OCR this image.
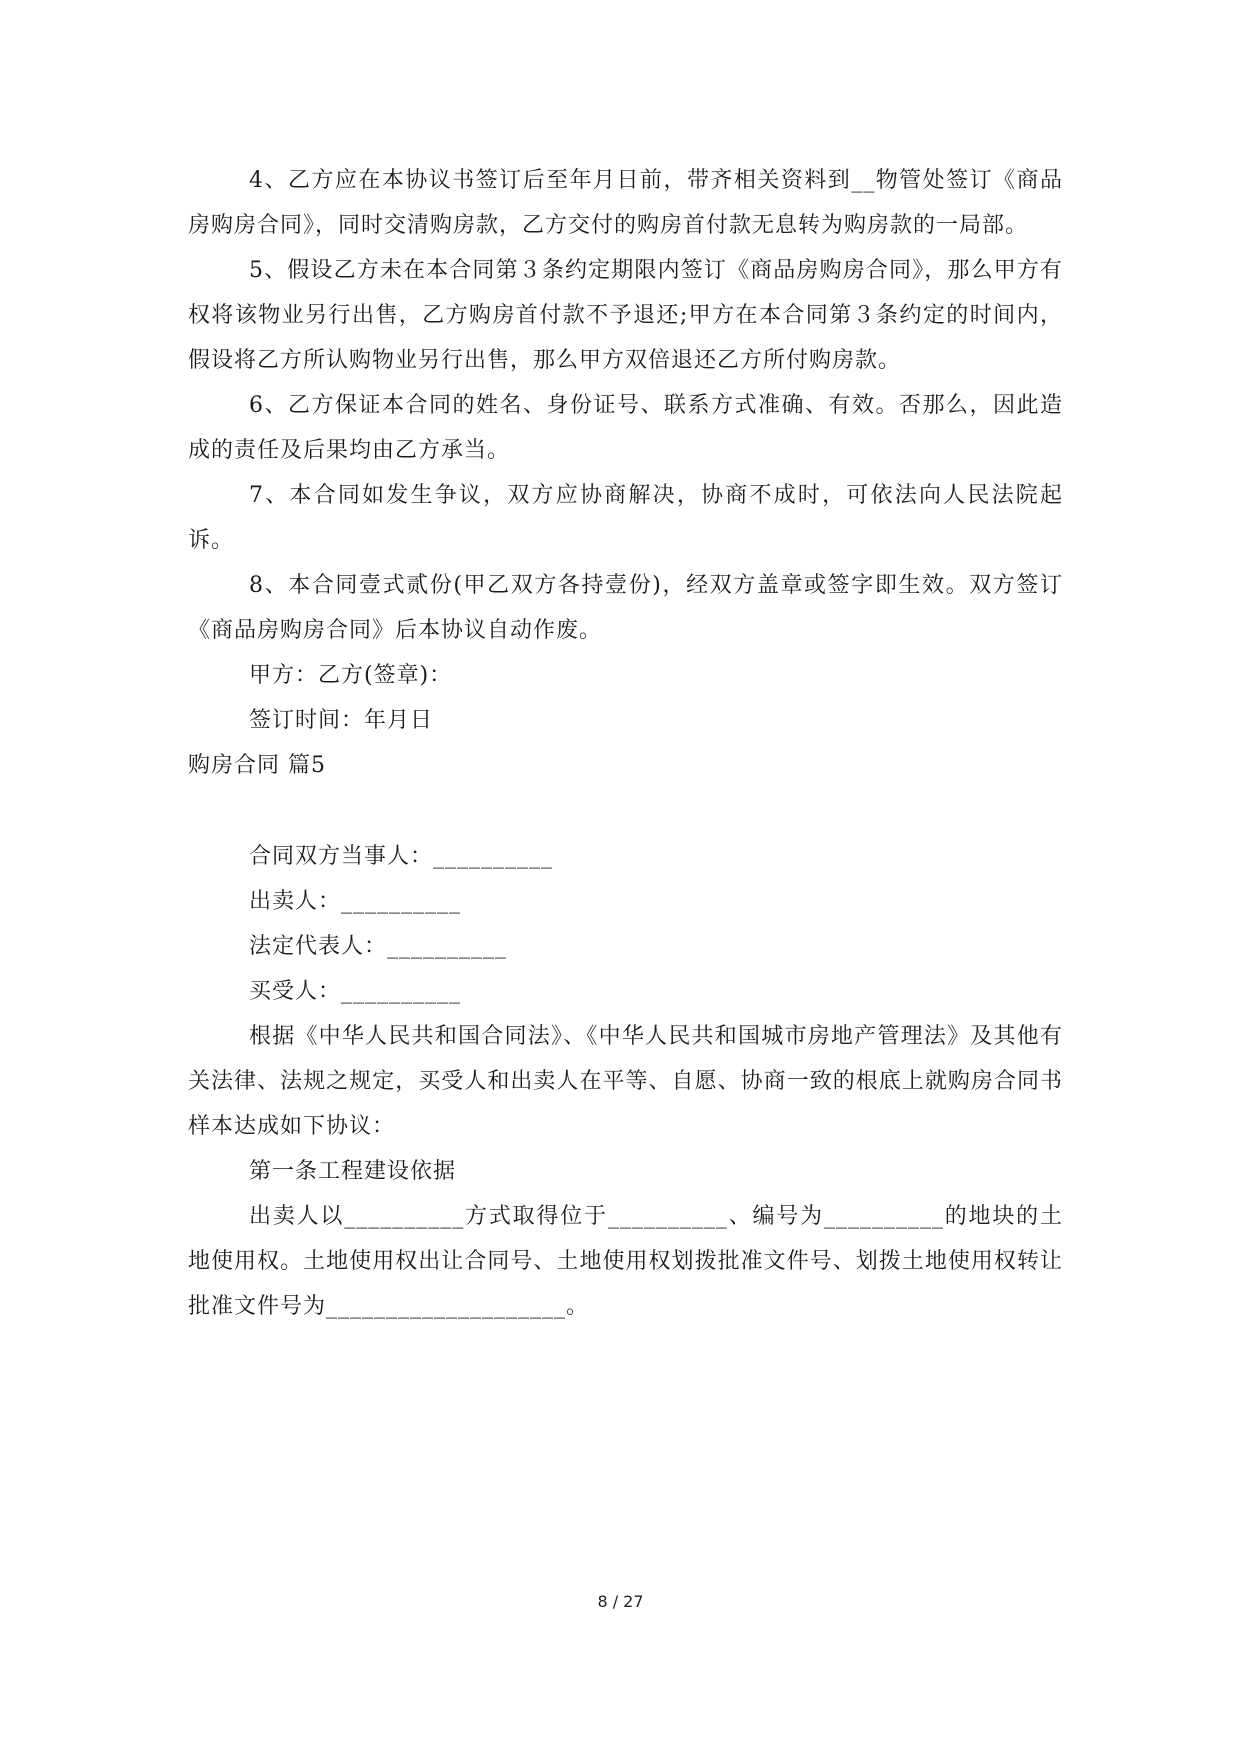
4、乙方应在本协议书签订后至年月日前，带齐相关资料到__物管处签订《商品房购房合同》，同时交清购房款，乙方交付的购房首付款无息转为购房款的一局部。

5、假设乙方未在本合同第３条约定期限内签订《商品房购房合同》，那么甲方有权将该物业另行出售，乙方购房首付款不予退还;甲方在本合同第３条约定的时间内，假设将乙方所认购物业另行出售，那么甲方双倍退还乙方所付购房款。

6、乙方保证本合同的姓名、身份证号、联系方式准确、有效。否那么，因此造成的责任及后果均由乙方承当。

7、本合同如发生争议，双方应协商解决，协商不成时，可依法向人民法院起诉。

8、本合同壹式贰份(甲乙双方各持壹份)，经双方盖章或签字即生效。双方签订《商品房购房合同》后本协议自动作废。

甲方：乙方(签章)：

签订时间：年月日

购房合同 篇5

合同双方当事人：__________

出卖人：__________

法定代表人：__________

买受人：__________

根据《中华人民共和国合同法》、《中华人民共和国城市房地产管理法》及其他有关法律、法规之规定，买受人和出卖人在平等、自愿、协商一致的根底上就购房合同书样本达成如下协议：

第一条工程建设依据

出卖人以__________方式取得位于__________、编号为__________的地块的土地使用权。土地使用权出让合同号、土地使用权划拨批准文件号、划拨土地使用权转让批准文件号为____________________。

8 / 27
